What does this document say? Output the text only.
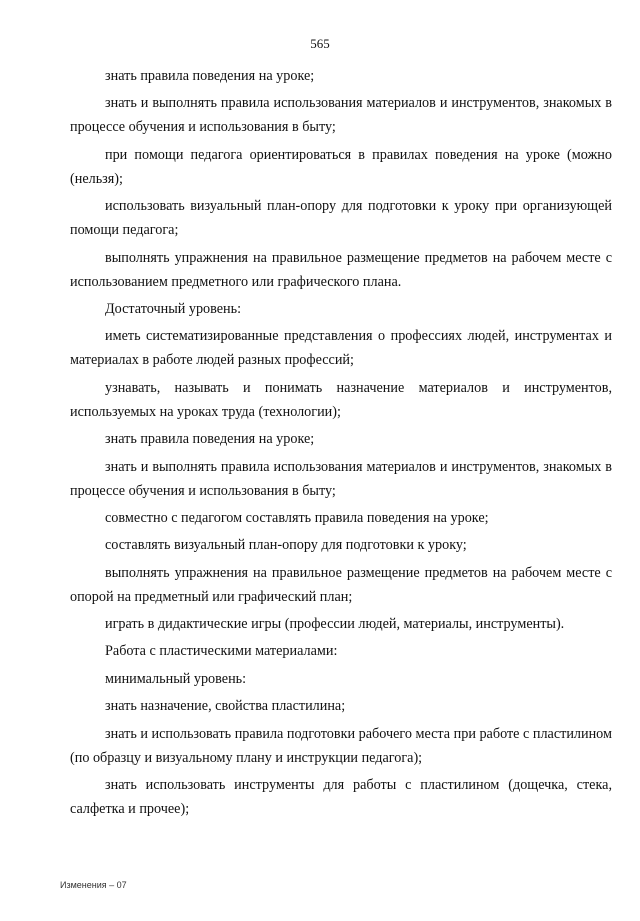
565

знать правила поведения на уроке;

знать и выполнять правила использования материалов и инструментов, знакомых в процессе обучения и использования в быту;

при помощи педагога ориентироваться в правилах поведения на уроке (можно (нельзя);

использовать визуальный план-опору для подготовки к уроку при организующей помощи педагога;

выполнять упражнения на правильное размещение предметов на рабочем месте с использованием предметного или графического плана.

Достаточный уровень:

иметь систематизированные представления о профессиях людей, инструментах и материалах в работе людей разных профессий;

узнавать, называть и понимать назначение материалов и инструментов, используемых на уроках труда (технологии);

знать правила поведения на уроке;

знать и выполнять правила использования материалов и инструментов, знакомых в процессе обучения и использования в быту;

совместно с педагогом составлять правила поведения на уроке;

составлять визуальный план-опору для подготовки к уроку;

выполнять упражнения на правильное размещение предметов на рабочем месте с опорой на предметный или графический план;

играть в дидактические игры (профессии людей, материалы, инструменты).

Работа с пластическими материалами:

минимальный уровень:

знать назначение, свойства пластилина;

знать и использовать правила подготовки рабочего места при работе с пластилином (по образцу и визуальному плану и инструкции педагога);

знать использовать инструменты для работы с пластилином (дощечка, стека, салфетка и прочее);

Изменения – 07
